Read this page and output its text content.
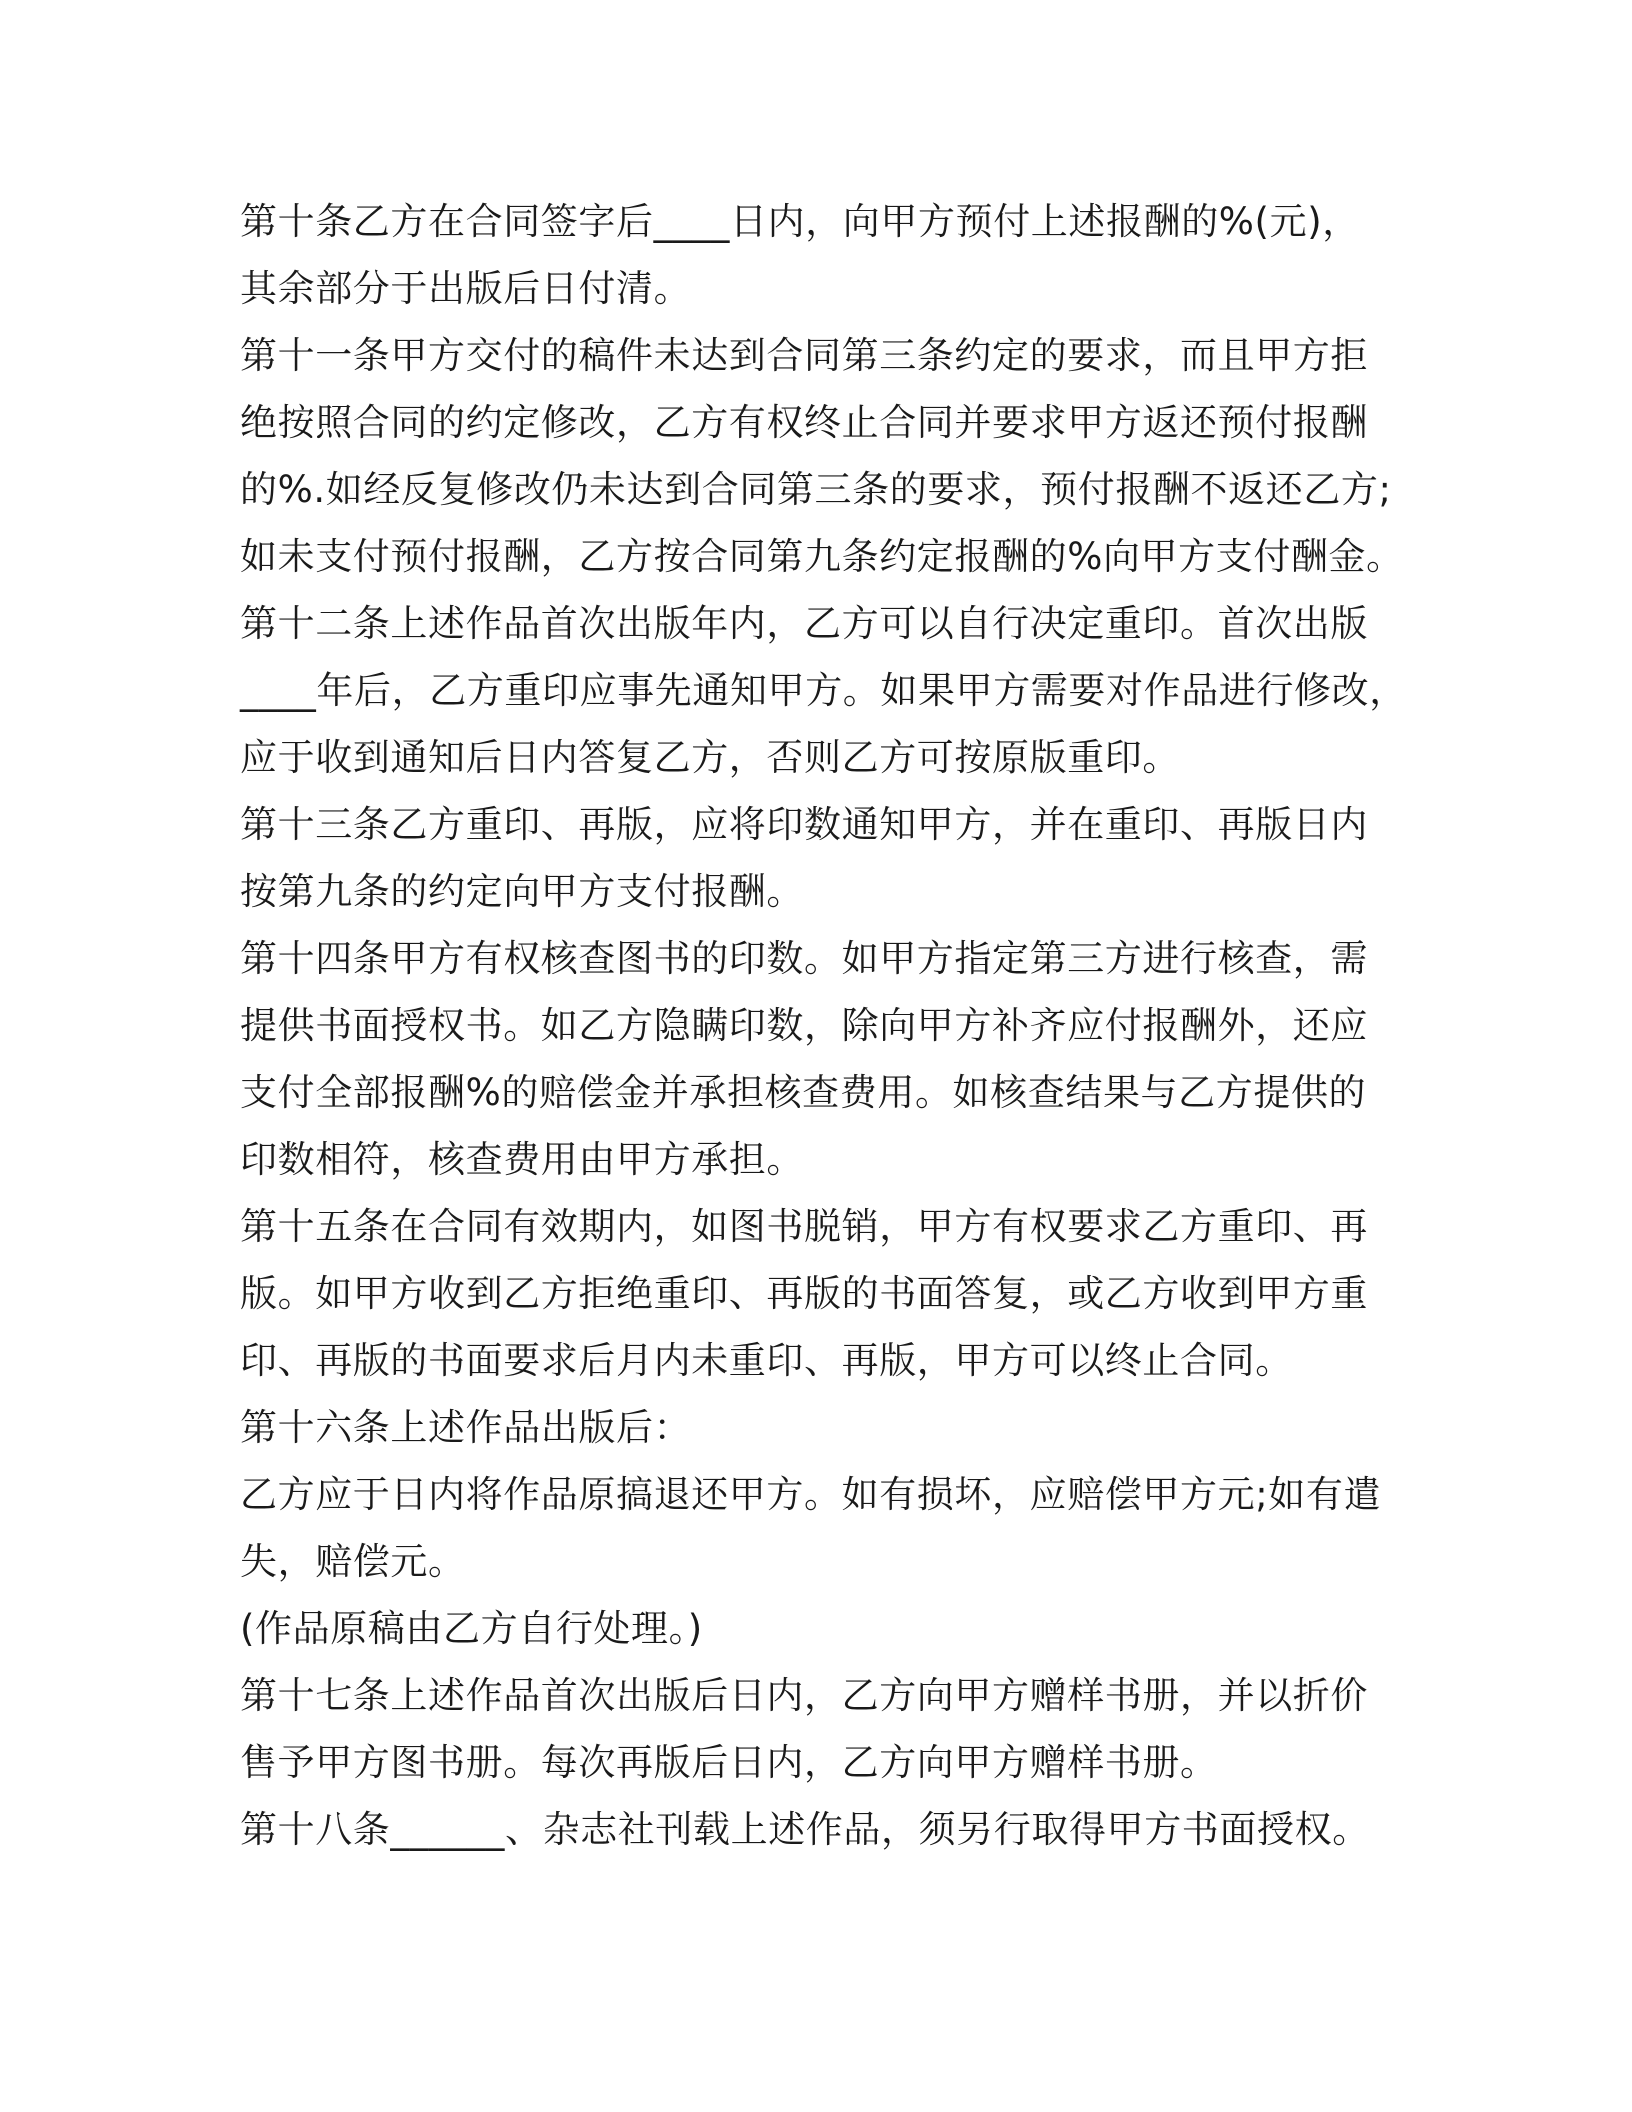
第十条乙方在合同签字后____日内，向甲方预付上述报酬的%(元)，
其余部分于出版后日付清。
第十一条甲方交付的稿件未达到合同第三条约定的要求，而且甲方拒
绝按照合同的约定修改，乙方有权终止合同并要求甲方返还预付报酬
的%.如经反复修改仍未达到合同第三条的要求，预付报酬不返还乙方;
如未支付预付报酬，乙方按合同第九条约定报酬的%向甲方支付酬金。
第十二条上述作品首次出版年内，乙方可以自行决定重印。首次出版
____年后，乙方重印应事先通知甲方。如果甲方需要对作品进行修改，
应于收到通知后日内答复乙方，否则乙方可按原版重印。
第十三条乙方重印、再版，应将印数通知甲方，并在重印、再版日内
按第九条的约定向甲方支付报酬。
第十四条甲方有权核查图书的印数。如甲方指定第三方进行核查，需
提供书面授权书。如乙方隐瞒印数，除向甲方补齐应付报酬外，还应
支付全部报酬%的赔偿金并承担核查费用。如核查结果与乙方提供的
印数相符，核查费用由甲方承担。
第十五条在合同有效期内，如图书脱销，甲方有权要求乙方重印、再
版。如甲方收到乙方拒绝重印、再版的书面答复，或乙方收到甲方重
印、再版的书面要求后月内未重印、再版，甲方可以终止合同。
第十六条上述作品出版后：
乙方应于日内将作品原搞退还甲方。如有损坏，应赔偿甲方元;如有遣
失，赔偿元。
(作品原稿由乙方自行处理。)
第十七条上述作品首次出版后日内，乙方向甲方赠样书册，并以折价
售予甲方图书册。每次再版后日内，乙方向甲方赠样书册。
第十八条______、杂志社刊载上述作品，须另行取得甲方书面授权。
